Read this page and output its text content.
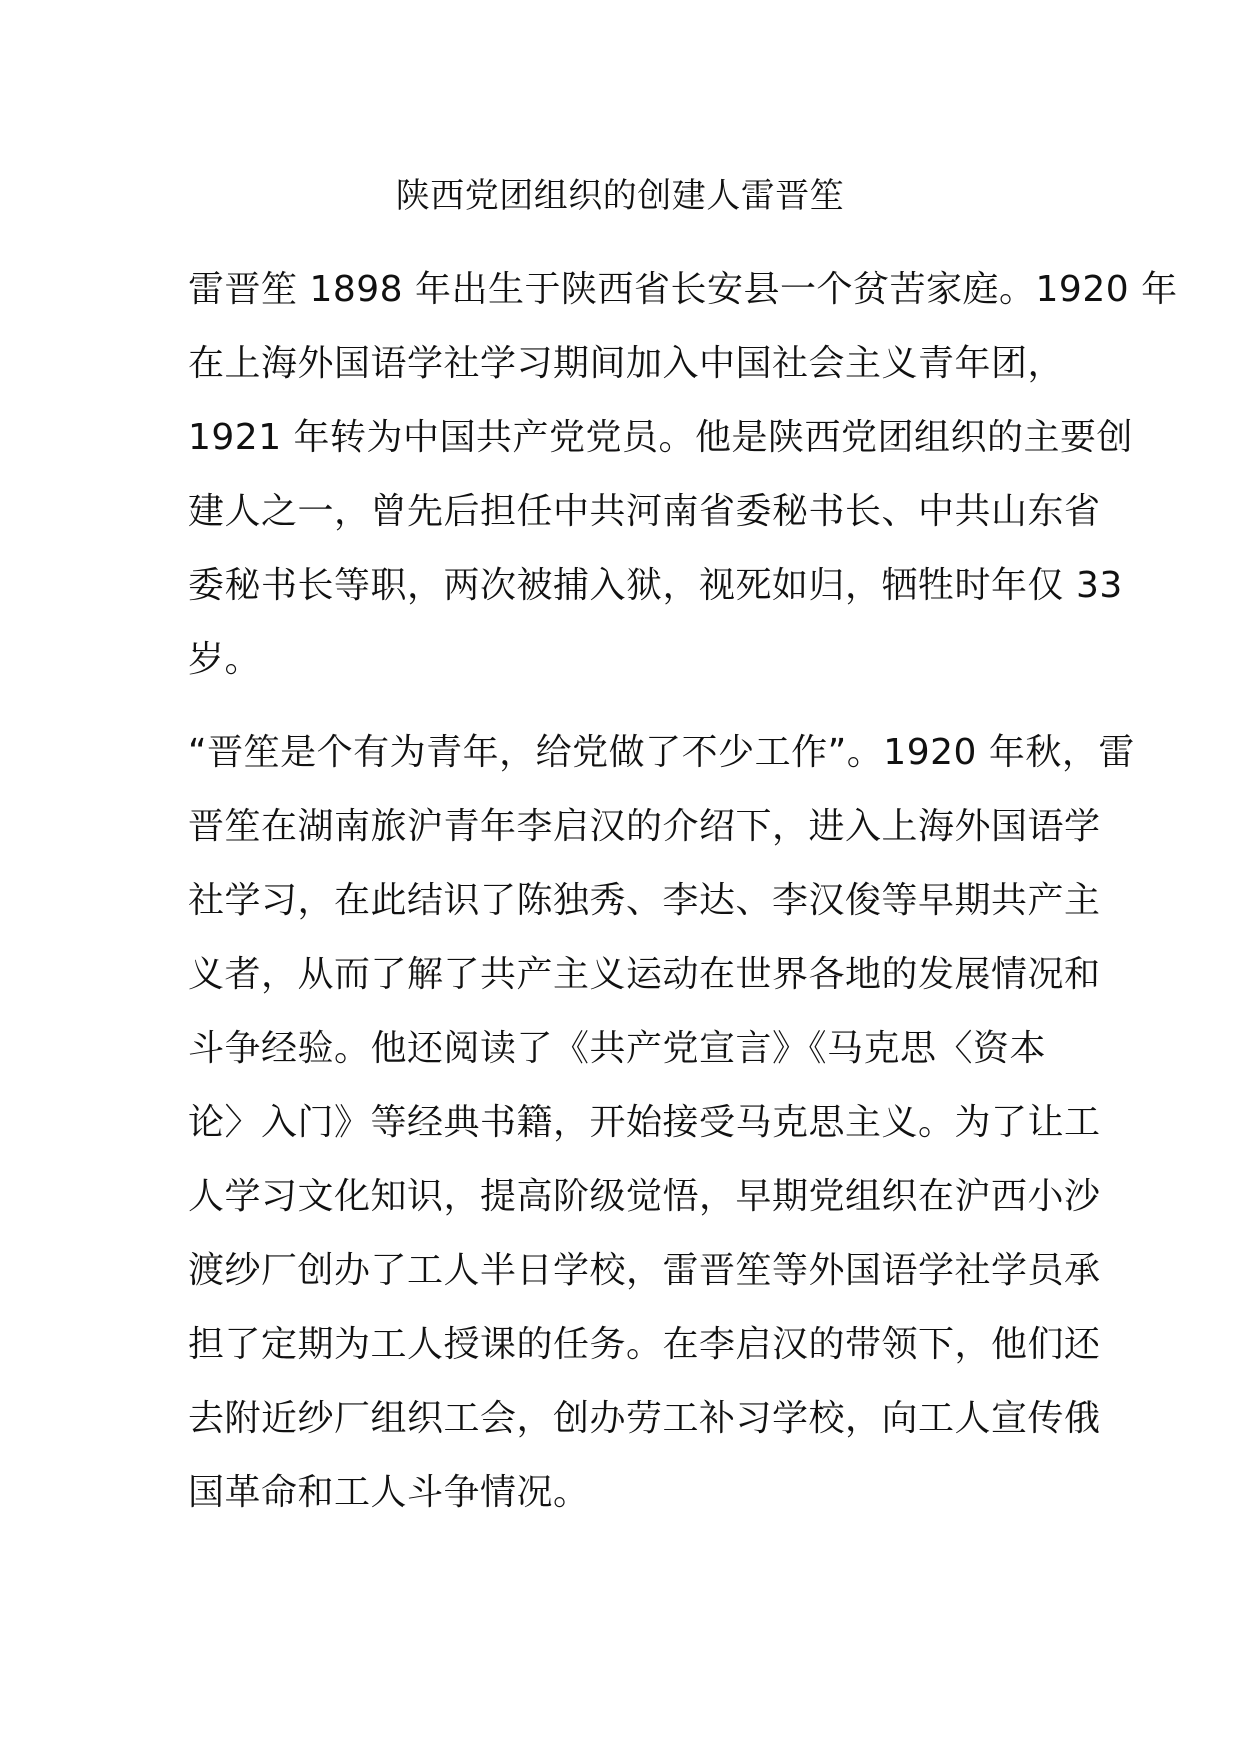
陕西党团组织的创建人雷晋笙
雷晋笙 1898 年出生于陕西省长安县一个贫苦家庭。1920 年
在上海外国语学社学习期间加入中国社会主义青年团，
1921 年转为中国共产党党员。他是陕西党团组织的主要创
建人之一，曾先后担任中共河南省委秘书长、中共山东省
委秘书长等职，两次被捕入狱，视死如归，牺牲时年仅 33
岁。
“晋笙是个有为青年，给党做了不少工作”。1920 年秋，雷
晋笙在湖南旅沪青年李启汉的介绍下，进入上海外国语学
社学习，在此结识了陈独秀、李达、李汉俊等早期共产主
义者，从而了解了共产主义运动在世界各地的发展情况和
斗争经验。他还阅读了《共产党宣言》《马克思〈资本
论〉入门》等经典书籍，开始接受马克思主义。为了让工
人学习文化知识，提高阶级觉悟，早期党组织在沪西小沙
渡纱厂创办了工人半日学校，雷晋笙等外国语学社学员承
担了定期为工人授课的任务。在李启汉的带领下，他们还
去附近纱厂组织工会，创办劳工补习学校，向工人宣传俄
国革命和工人斗争情况。
